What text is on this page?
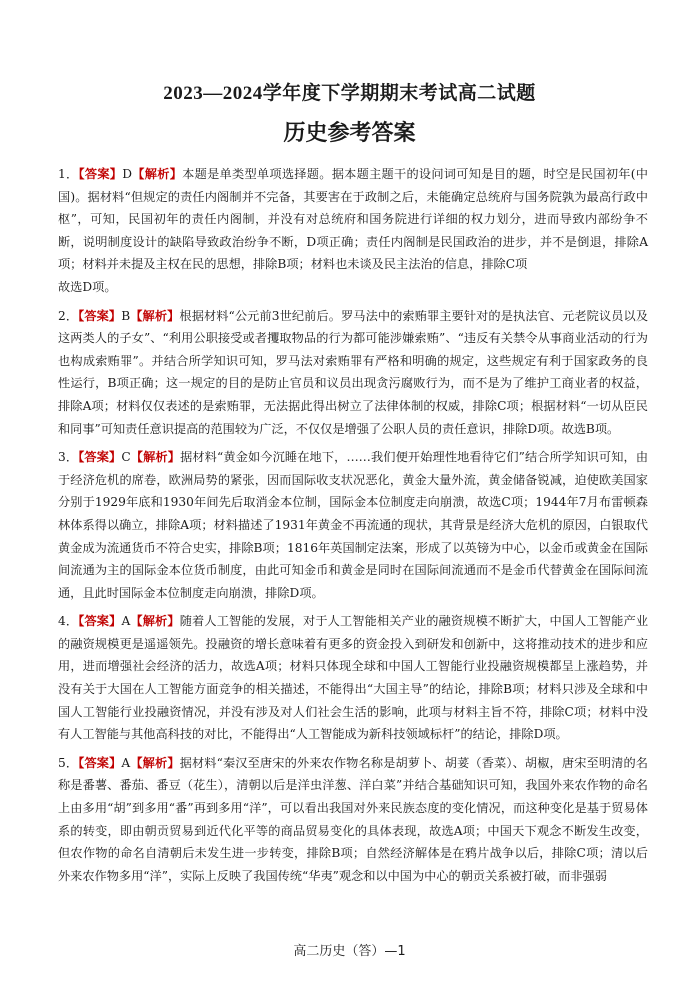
2023—2024学年度下学期期末考试高二试题
历史参考答案

1．【答案】D【解析】本题是单类型单项选择题。据本题主题干的设问词可知是目的题，时空是民国初年(中国)。据材料“但规定的责任内阁制并不完备，其要害在于政制之后，未能确定总统府与国务院孰为最高行政中枢”，可知，民国初年的责任内阁制，并没有对总统府和国务院进行详细的权力划分，进而导致内部纷争不断，说明制度设计的缺陷导致政治纷争不断，D项正确；责任内阁制是民国政治的进步，并不是倒退，排除A项；材料并未提及主权在民的思想，排除B项；材料也未谈及民主法治的信息，排除C项
故选D项。

2．【答案】B【解析】根据材料“公元前3世纪前后。罗马法中的索贿罪主要针对的是执法官、元老院议员以及这两类人的子女”、“利用公职接受或者攫取物品的行为都可能涉嫌索贿”、“违反有关禁令从事商业活动的行为也构成索贿罪”。并结合所学知识可知，罗马法对索贿罪有严格和明确的规定，这些规定有利于国家政务的良性运行，B项正确；这一规定的目的是防止官员和议员出现贪污腐败行为，而不是为了维护工商业者的权益，排除A项；材料仅仅表述的是索贿罪，无法据此得出树立了法律体制的权威，排除C项；根据材料“一切从臣民和同事”可知责任意识提高的范围较为广泛，不仅仅是增强了公职人员的责任意识，排除D项。故选B项。

3．【答案】C【解析】据材料“黄金如今沉睡在地下，……我们便开始理性地看待它们”结合所学知识可知，由于经济危机的席卷，欧洲局势的紧张，因而国际收支状况恶化，黄金大量外流，黄金储备锐减，迫使欧美国家分别于1929年底和1930年间先后取消金本位制，国际金本位制度走向崩溃，故选C项；1944年7月布雷顿森林体系得以确立，排除A项；材料描述了1931年黄金不再流通的现状，其背景是经济大危机的原因，白银取代黄金成为流通货币不符合史实，排除B项；1816年英国制定法案，形成了以英镑为中心，以金币或黄金在国际间流通为主的国际金本位货币制度，由此可知金币和黄金是同时在国际间流通而不是金币代替黄金在国际间流通，且此时国际金本位制度走向崩溃，排除D项。

4．【答案】A【解析】随着人工智能的发展，对于人工智能相关产业的融资规模不断扩大，中国人工智能产业的融资规模更是遥遥领先。投融资的增长意味着有更多的资金投入到研发和创新中，这将推动技术的进步和应用，进而增强社会经济的活力，故选A项；材料只体现全球和中国人工智能行业投融资规模都呈上涨趋势，并没有关于大国在人工智能方面竞争的相关描述，不能得出“大国主导”的结论，排除B项；材料只涉及全球和中国人工智能行业投融资情况，并没有涉及对人们社会生活的影响，此项与材料主旨不符，排除C项；材料中没有人工智能与其他高科技的对比，不能得出“人工智能成为新科技领域标杆”的结论，排除D项。

5．【答案】A【解析】据材料“秦汉至唐宋的外来农作物名称是胡萝卜、胡荽（香菜）、胡椒，唐宋至明清的名称是番薯、番茄、番豆（花生），清朝以后是洋虫洋葱、洋白菜”并结合基础知识可知，我国外来农作物的命名上由多用“胡”到多用“番”再到多用“洋”，可以看出我国对外来民族态度的变化情况，而这种变化是基于贸易体系的转变，即由朝贡贸易到近代化平等的商品贸易变化的具体表现，故选A项；中国天下观念不断发生改变，但农作物的命名自清朝后未发生进一步转变，排除B项；自然经济解体是在鸦片战争以后，排除C项；清以后外来农作物多用“洋”，实际上反映了我国传统“华夷”观念和以中国为中心的朝贡关系被打破，而非强弱

高二历史（答）—1
